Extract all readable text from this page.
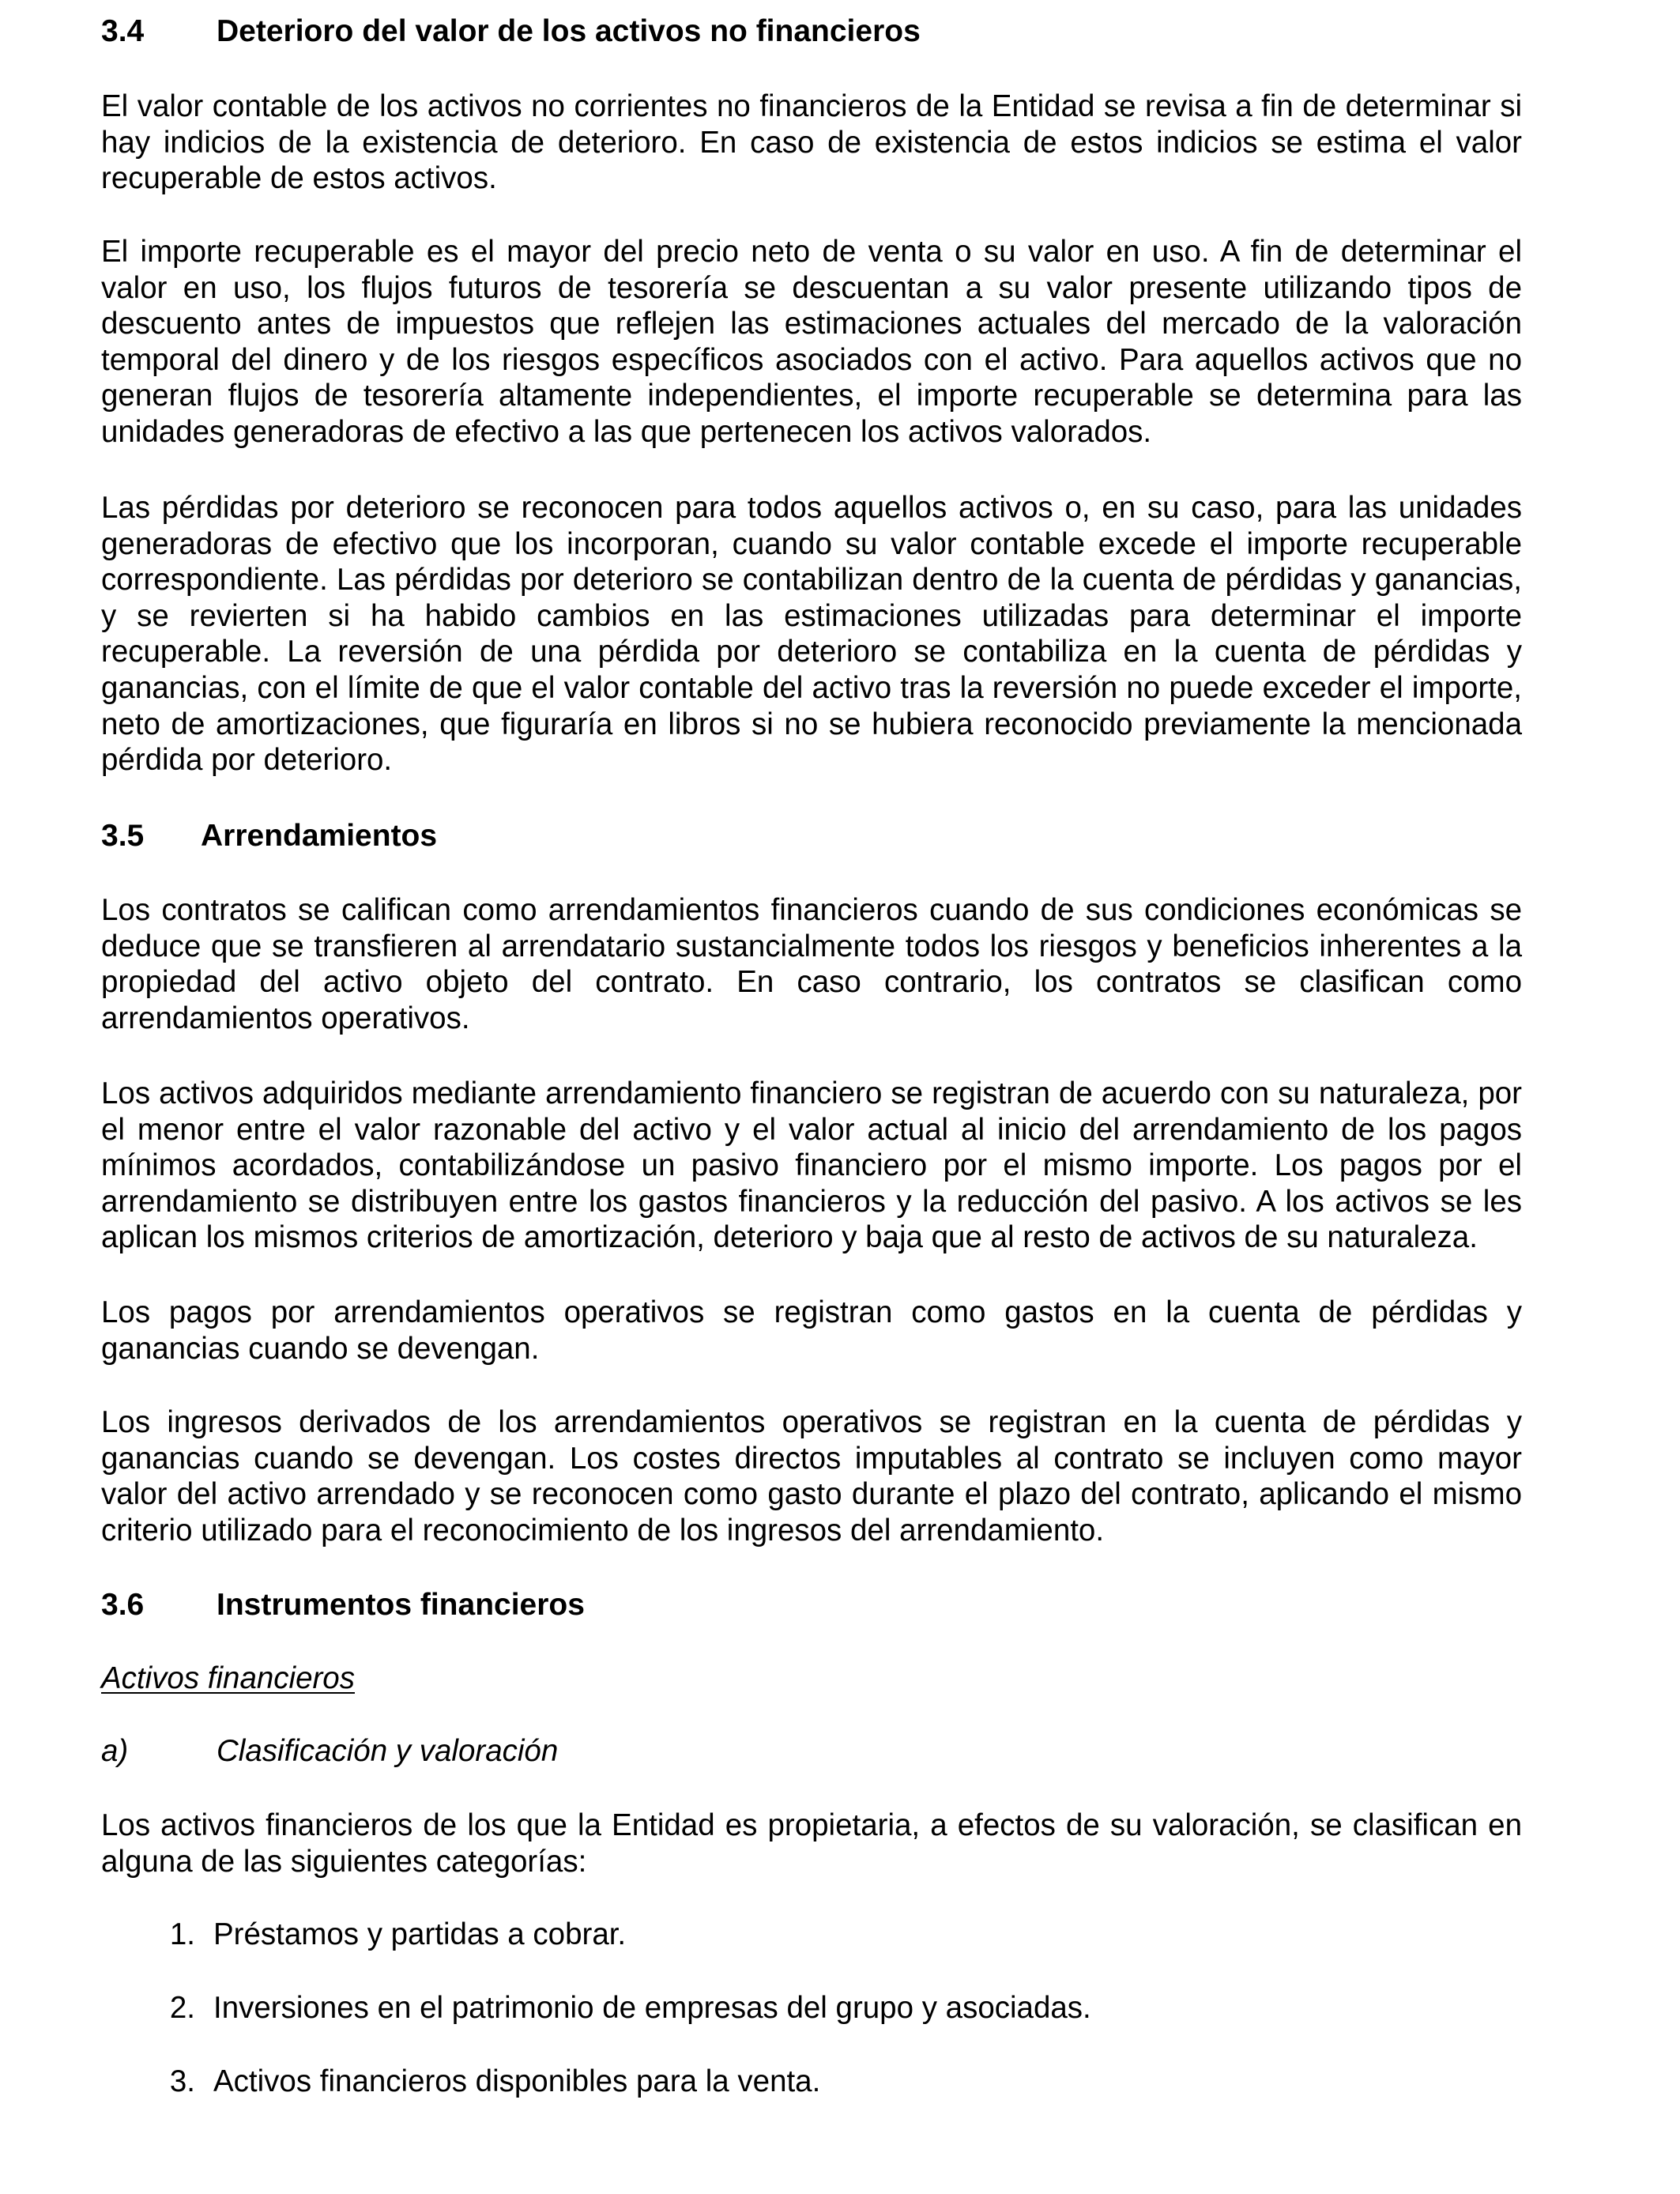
3.4	Deterioro del valor de los activos no financieros

El valor contable de los activos no corrientes no financieros de la Entidad se revisa a fin de determinar si hay indicios de la existencia de deterioro. En caso de existencia de estos indicios se estima el valor recuperable de estos activos.

El importe recuperable es el mayor del precio neto de venta o su valor en uso. A fin de determinar el valor en uso, los flujos futuros de tesorería se descuentan a su valor presente utilizando tipos de descuento antes de impuestos que reflejen las estimaciones actuales del mercado de la valoración temporal del dinero y de los riesgos específicos asociados con el activo. Para aquellos activos que no generan flujos de tesorería altamente independientes, el importe recuperable se determina para las unidades generadoras de efectivo a las que pertenecen los activos valorados.

Las pérdidas por deterioro se reconocen para todos aquellos activos o, en su caso, para las unidades generadoras de efectivo que los incorporan, cuando su valor contable excede el importe recuperable correspondiente. Las pérdidas por deterioro se contabilizan dentro de la cuenta de pérdidas y ganancias, y se revierten si ha habido cambios en las estimaciones utilizadas para determinar el importe recuperable. La reversión de una pérdida por deterioro se contabiliza en la cuenta de pérdidas y ganancias, con el límite de que el valor contable del activo tras la reversión no puede exceder el importe, neto de amortizaciones, que figuraría en libros si no se hubiera reconocido previamente la mencionada pérdida por deterioro.

3.5	Arrendamientos

Los contratos se califican como arrendamientos financieros cuando de sus condiciones económicas se deduce que se transfieren al arrendatario sustancialmente todos los riesgos y beneficios inherentes a la propiedad del activo objeto del contrato. En caso contrario, los contratos se clasifican como arrendamientos operativos.

Los activos adquiridos mediante arrendamiento financiero se registran de acuerdo con su naturaleza, por el menor entre el valor razonable del activo y el valor actual al inicio del arrendamiento de los pagos mínimos acordados, contabilizándose un pasivo financiero por el mismo importe. Los pagos por el arrendamiento se distribuyen entre los gastos financieros y la reducción del pasivo. A los activos se les aplican los mismos criterios de amortización, deterioro y baja que al resto de activos de su naturaleza.

Los pagos por arrendamientos operativos se registran como gastos en la cuenta de pérdidas y ganancias cuando se devengan.

Los ingresos derivados de los arrendamientos operativos se registran en la cuenta de pérdidas y ganancias cuando se devengan. Los costes directos imputables al contrato se incluyen como mayor valor del activo arrendado y se reconocen como gasto durante el plazo del contrato, aplicando el mismo criterio utilizado para el reconocimiento de los ingresos del arrendamiento.

3.6	Instrumentos financieros
Activos financieros
a)	Clasificación y valoración

Los activos financieros de los que la Entidad es propietaria, a efectos de su valoración, se clasifican en alguna de las siguientes categorías:

1. Préstamos y partidas a cobrar.
2. Inversiones en el patrimonio de empresas del grupo y asociadas.
3. Activos financieros disponibles para la venta.
